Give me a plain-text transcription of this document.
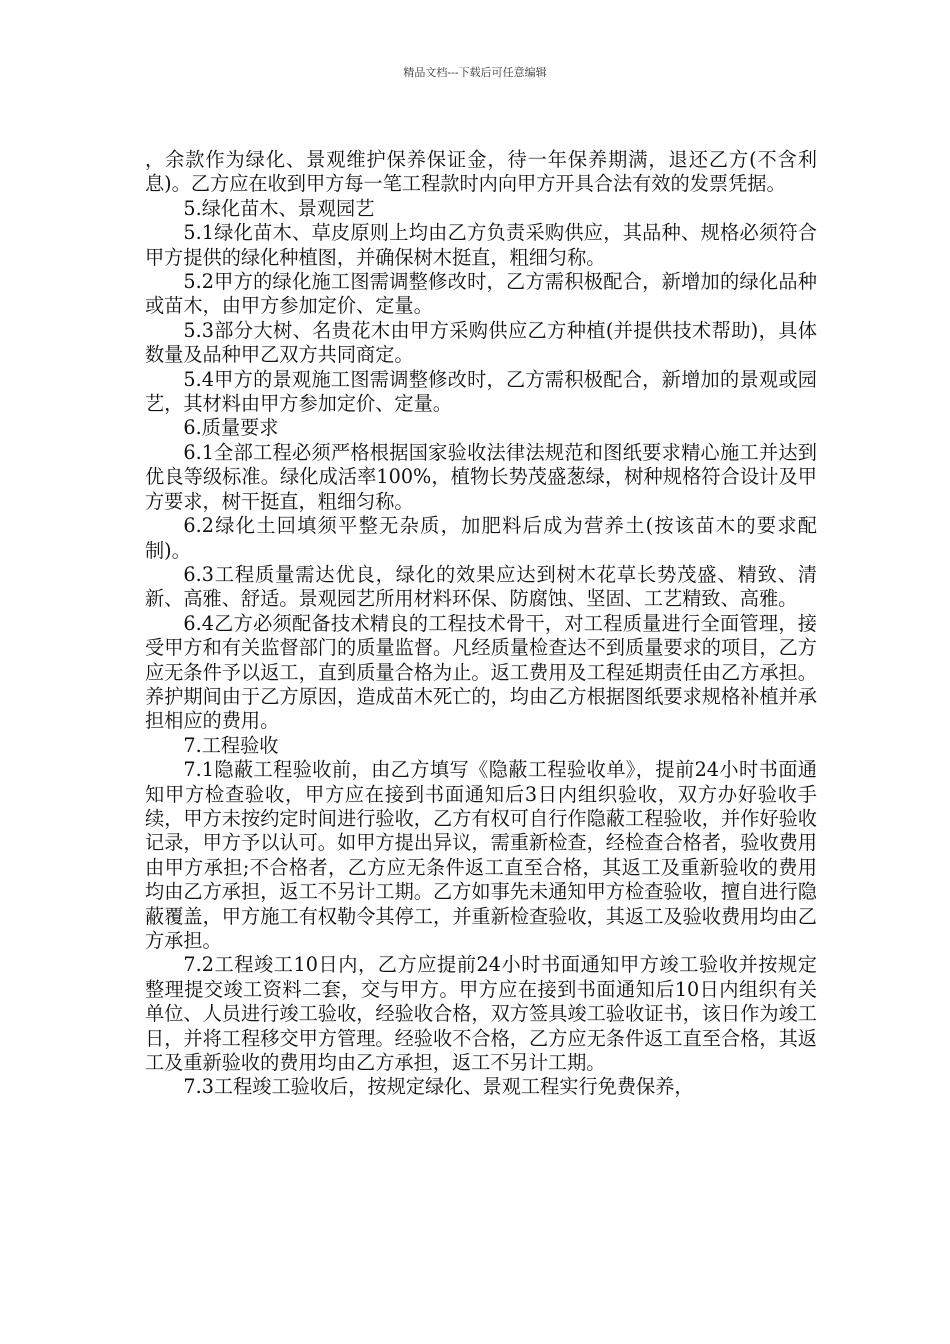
精品文档---下载后可任意编辑

，余款作为绿化、景观维护保养保证金，待一年保养期满，退还乙方(不含利息)。乙方应在收到甲方每一笔工程款时内向甲方开具合法有效的发票凭据。

5.绿化苗木、景观园艺

5.1绿化苗木、草皮原则上均由乙方负责采购供应，其品种、规格必须符合甲方提供的绿化种植图，并确保树木挺直，粗细匀称。

5.2甲方的绿化施工图需调整修改时，乙方需积极配合，新增加的绿化品种或苗木，由甲方参加定价、定量。

5.3部分大树、名贵花木由甲方采购供应乙方种植(并提供技术帮助)，具体数量及品种甲乙双方共同商定。

5.4甲方的景观施工图需调整修改时，乙方需积极配合，新增加的景观或园艺，其材料由甲方参加定价、定量。

6.质量要求

6.1全部工程必须严格根据国家验收法律法规范和图纸要求精心施工并达到优良等级标准。绿化成活率100%，植物长势茂盛葱绿，树种规格符合设计及甲方要求，树干挺直，粗细匀称。

6.2绿化土回填须平整无杂质，加肥料后成为营养土(按该苗木的要求配制)。

6.3工程质量需达优良，绿化的效果应达到树木花草长势茂盛、精致、清新、高雅、舒适。景观园艺所用材料环保、防腐蚀、坚固、工艺精致、高雅。

6.4乙方必须配备技术精良的工程技术骨干，对工程质量进行全面管理，接受甲方和有关监督部门的质量监督。凡经质量检查达不到质量要求的项目，乙方应无条件予以返工，直到质量合格为止。返工费用及工程延期责任由乙方承担。养护期间由于乙方原因，造成苗木死亡的，均由乙方根据图纸要求规格补植并承担相应的费用。

7.工程验收

7.1隐蔽工程验收前，由乙方填写《隐蔽工程验收单》，提前24小时书面通知甲方检查验收，甲方应在接到书面通知后3日内组织验收，双方办好验收手续，甲方未按约定时间进行验收，乙方有权可自行作隐蔽工程验收，并作好验收记录，甲方予以认可。如甲方提出异议，需重新检查，经检查合格者，验收费用由甲方承担;不合格者，乙方应无条件返工直至合格，其返工及重新验收的费用均由乙方承担，返工不另计工期。乙方如事先未通知甲方检查验收，擅自进行隐蔽覆盖，甲方施工有权勒令其停工，并重新检查验收，其返工及验收费用均由乙方承担。

7.2工程竣工10日内，乙方应提前24小时书面通知甲方竣工验收并按规定整理提交竣工资料二套，交与甲方。甲方应在接到书面通知后10日内组织有关单位、人员进行竣工验收，经验收合格，双方签具竣工验收证书，该日作为竣工日，并将工程移交甲方管理。经验收不合格，乙方应无条件返工直至合格，其返工及重新验收的费用均由乙方承担，返工不另计工期。

7.3工程竣工验收后，按规定绿化、景观工程实行免费保养，
